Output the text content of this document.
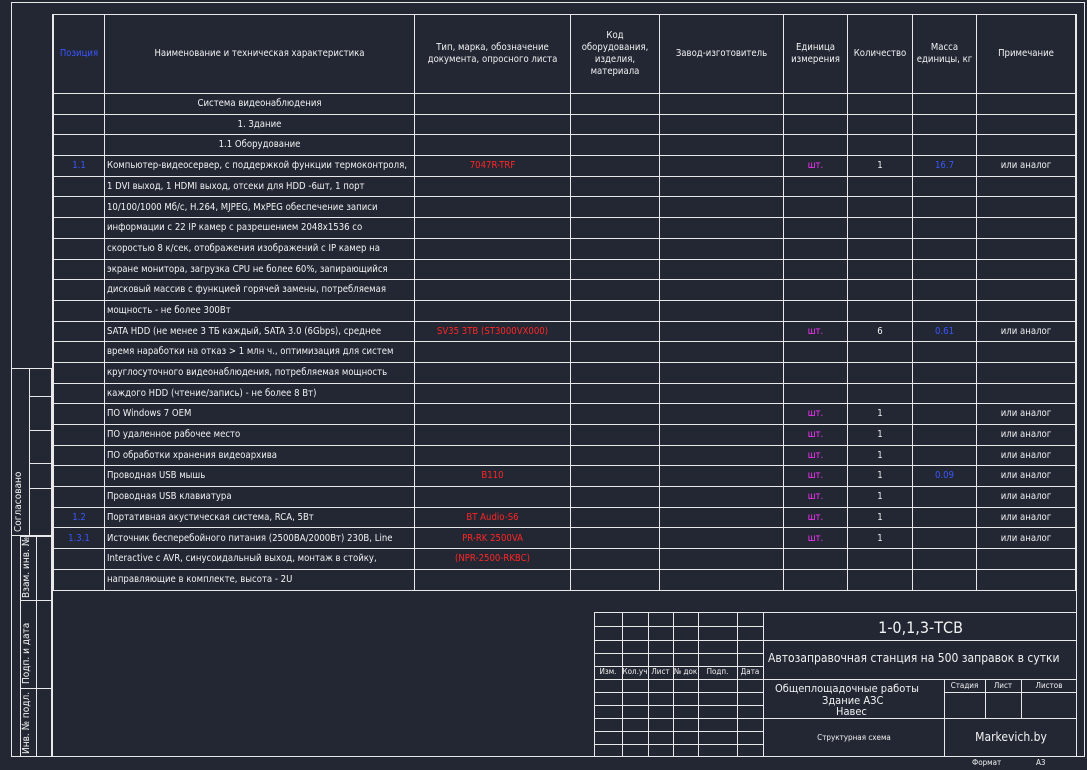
Позиция	Наименование и техническая характеристика	Тип, марка, обозначение документа, опросного листа	Код оборудования, изделия, материала	Завод-изготовитель	Единица измерения	Количество	Масса единицы, кг	Примечание
	Система видеонаблюдения							
	1. Здание							
	1.1 Оборудование							
1.1	Компьютер-видеосервер, с поддержкой функции термоконтроля,	7047R-TRF			шт.	1	16.7	или аналог
	1 DVI выход, 1 HDMI выход, отсеки для HDD -6шт, 1 порт							
	10/100/1000 Мб/с, H.264, MJPEG, MxPEG обеспечение записи							
	информации с 22 IP камер с разрешением 2048х1536 со							
	скоростью 8 к/сек, отображения изображений с IP камер на							
	экране монитора, загрузка CPU не более 60%, запирающийся							
	дисковый массив с функцией горячей замены, потребляемая							
	мощность - не более 300Вт							
	SATA HDD (не менее 3 ТБ каждый, SATA 3.0 (6Gbps), среднее	SV35 3TB (ST3000VX000)			шт.	6	0.61	или аналог
	время наработки на отказ > 1 млн ч., оптимизация для систем							
	круглосуточного видеонаблюдения, потребляемая мощность							
	каждого HDD (чтение/запись) - не более 8 Вт)							
	ПО Windows 7 OEM				шт.	1		или аналог
	ПО удаленное рабочее место				шт.	1		или аналог
	ПО обработки хранения видеоархива				шт.	1		или аналог
	Проводная USB мышь	B110			шт.	1	0.09	или аналог
	Проводная USB клавиатура				шт.	1		или аналог
1.2	Портативная акустическая система, RCA, 5Вт	BT Audio-S6			шт.	1		или аналог
1.3.1	Источник бесперебойного питания (2500ВА/2000Вт) 230В, Line	PR-RK 2500VA			шт.	1		или аналог
	Interactive с AVR, синусоидальный выход, монтаж в стойку,	(NPR-2500-RKBC)						
	направляющие в комплекте, высота - 2U							
Согласовано
Взам. инв. №
Подп. и дата
Инв. № подл.
Изм. Кол.уч Лист № док	Подп.	Дата
1-0,1,3-ТСВ
Автозаправочная станция на 500 заправок в сутки
Общеплощадочные работы
Здание АЗС
Навес
Стадия	Лист	Листов
Структурная схема	Markevich.by
Формат	А3
